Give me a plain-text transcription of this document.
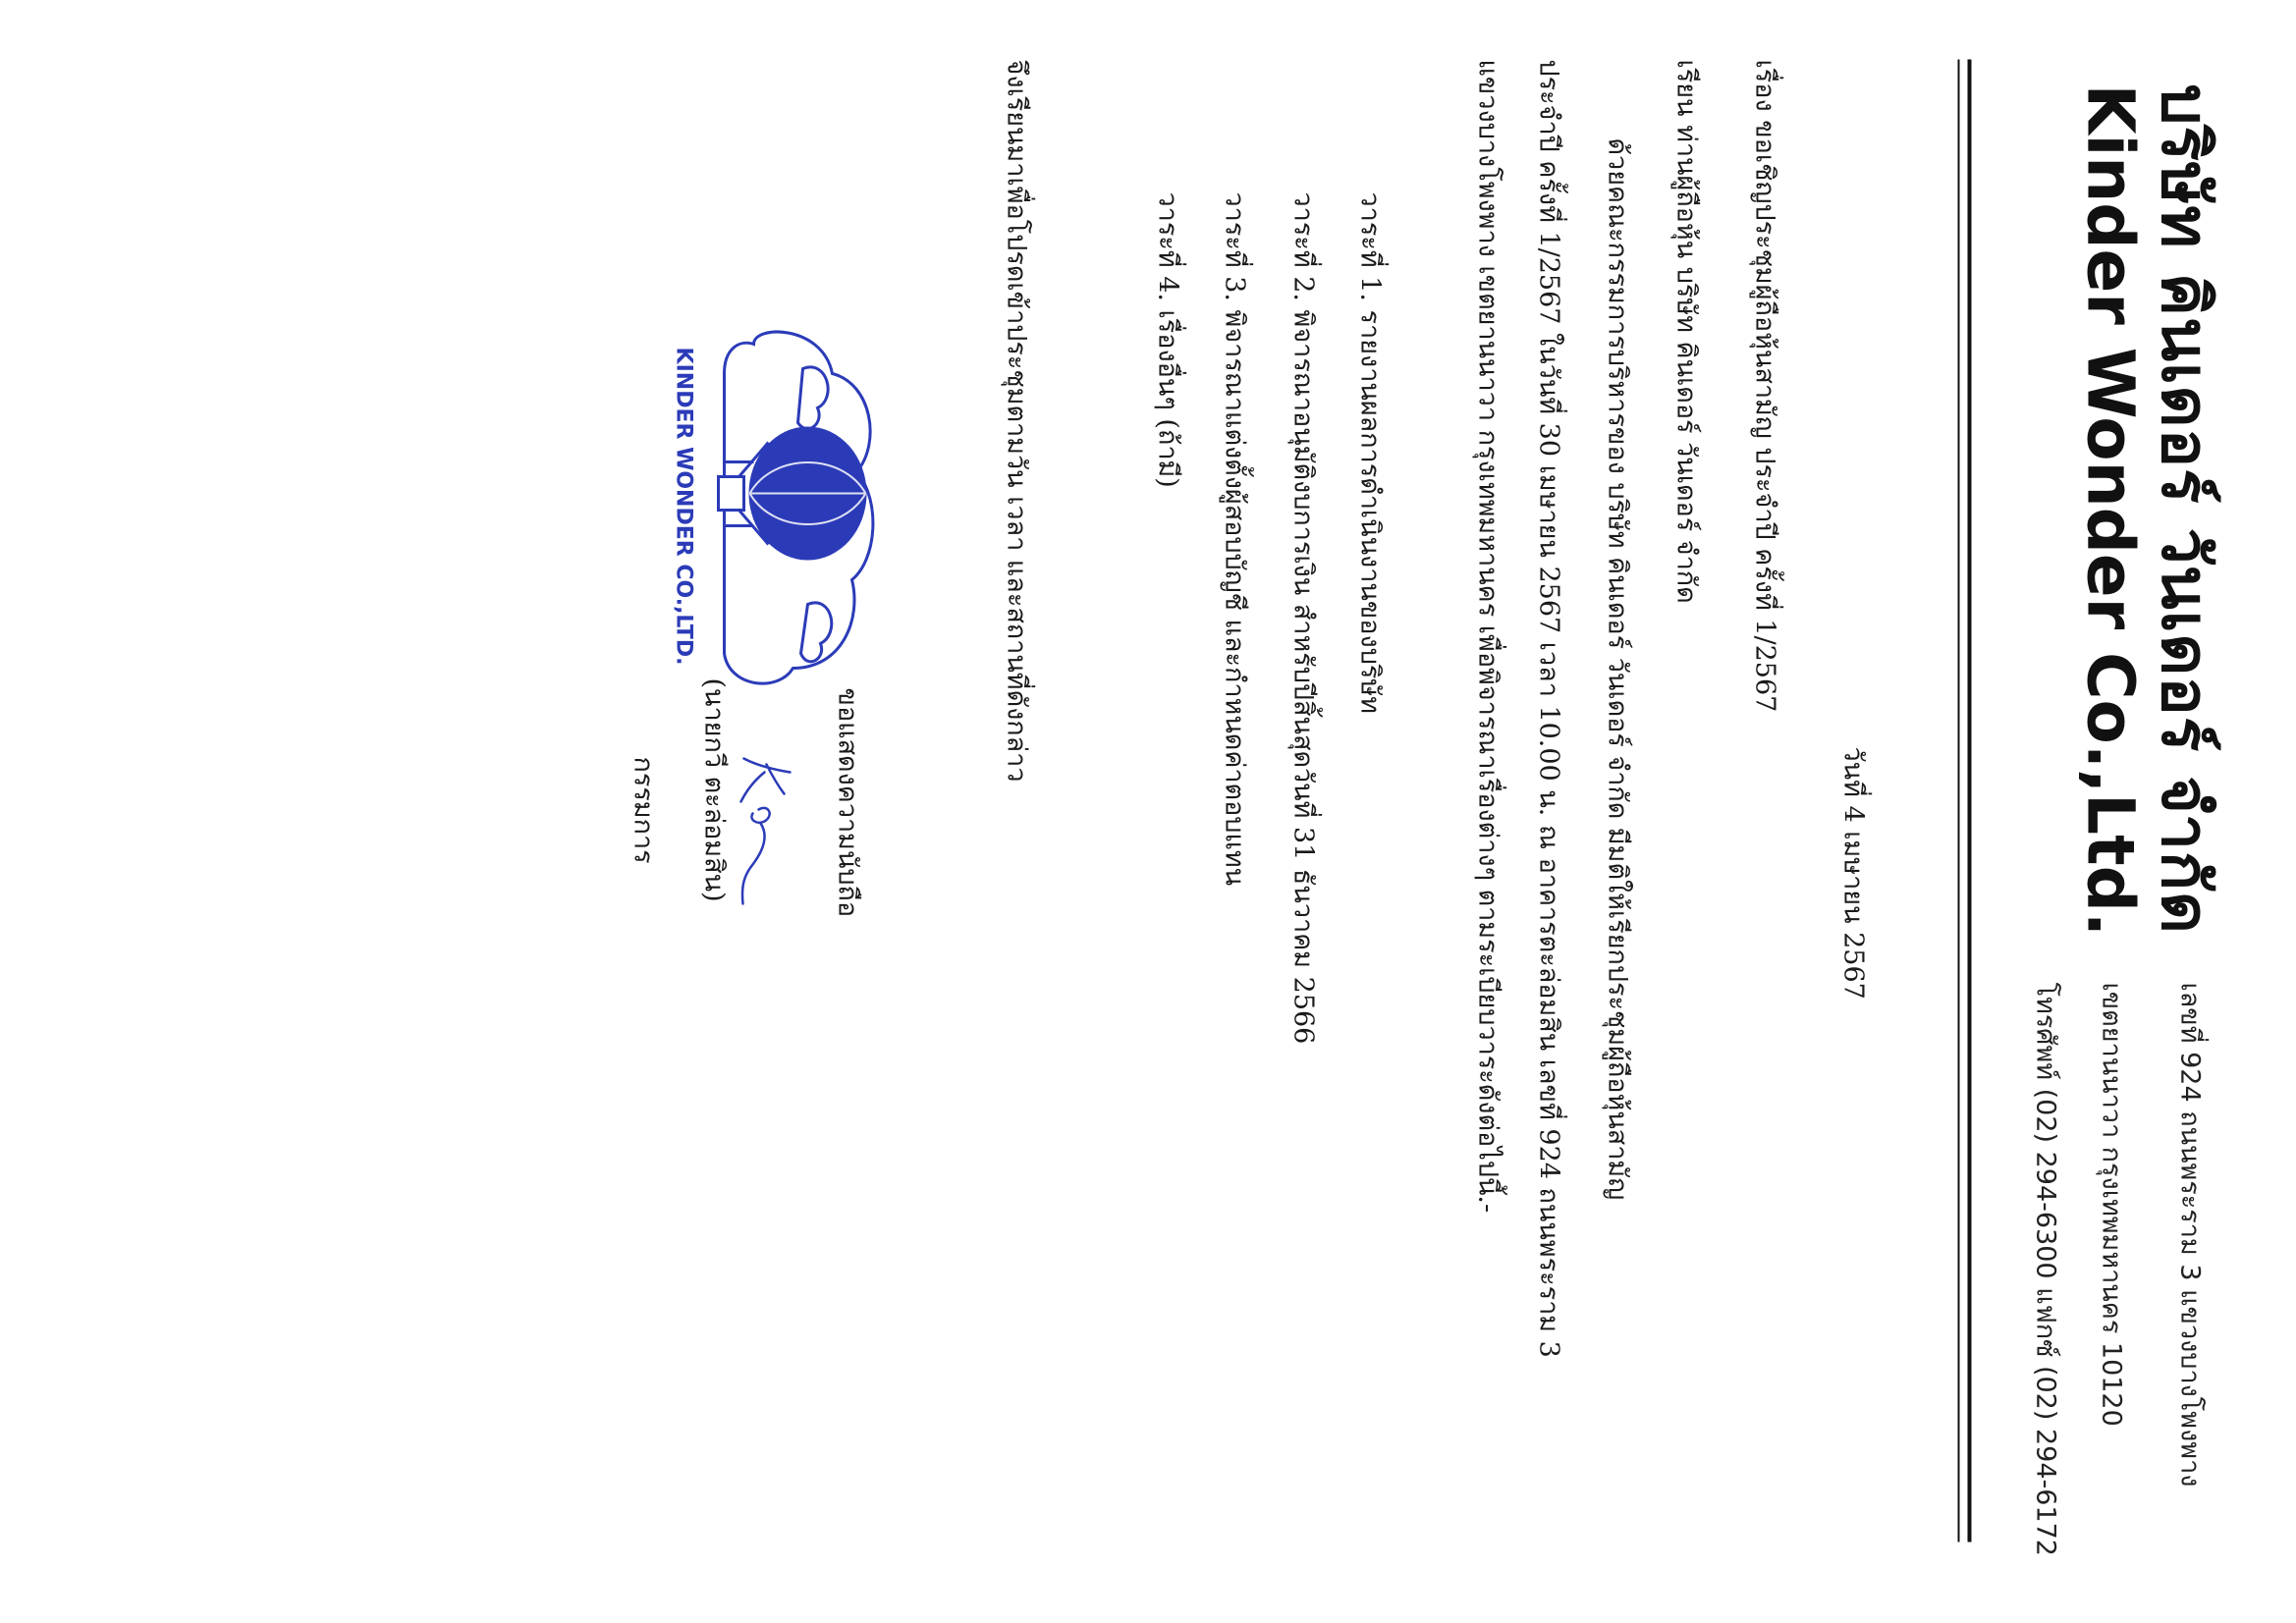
บริษัท คินเดอร์ วันเดอร์ จำกัด
Kinder Wonder Co.,Ltd.
เลขที่ 924 ถนนพระราม 3 แขวงบางโพงพาง
เขตยานนาวา กรุงเทพมหานคร 10120
โทรศัพท์ (02) 294-6300 แฟกซ์ (02) 294-6172
วันที่ 4 เมษายน 2567
เรื่อง ขอเชิญประชุมผู้ถือหุ้นสามัญ ประจำปี ครั้งที่ 1/2567
เรียน ท่านผู้ถือหุ้น บริษัท คินเดอร์ วันเดอร์ จำกัด
ด้วยคณะกรรมการบริหารของ บริษัท คินเดอร์ วันเดอร์ จำกัด มีมติให้เรียกประชุมผู้ถือหุ้นสามัญ
ประจำปี ครั้งที่ 1/2567 ในวันที่ 30 เมษายน 2567 เวลา 10.00 น. ณ อาคารตะล่อมสิน เลขที่ 924 ถนนพระราม 3
แขวงบางโพงพาง เขตยานนาวา กรุงเทพมหานคร เพื่อพิจารณาเรื่องต่างๆ ตามระเบียบวาระดังต่อไปนี้.-
วาระที่ 1. รายงานผลการดำเนินงานของบริษัท
วาระที่ 2. พิจารณาอนุมัติงบการเงิน สำหรับปีสิ้นสุดวันที่ 31 ธันวาคม 2566
วาระที่ 3. พิจารณาแต่งตั้งผู้สอบบัญชี และกำหนดค่าตอบแทน
วาระที่ 4. เรื่องอื่นๆ (ถ้ามี)
จึงเรียนมาเพื่อโปรดเข้าประชุมตามวัน เวลา และสถานที่ดังกล่าว
KINDER WONDER CO.,LTD.
ขอแสดงความนับถือ
(นายกวี ตะล่อมสิน)
กรรมการ
